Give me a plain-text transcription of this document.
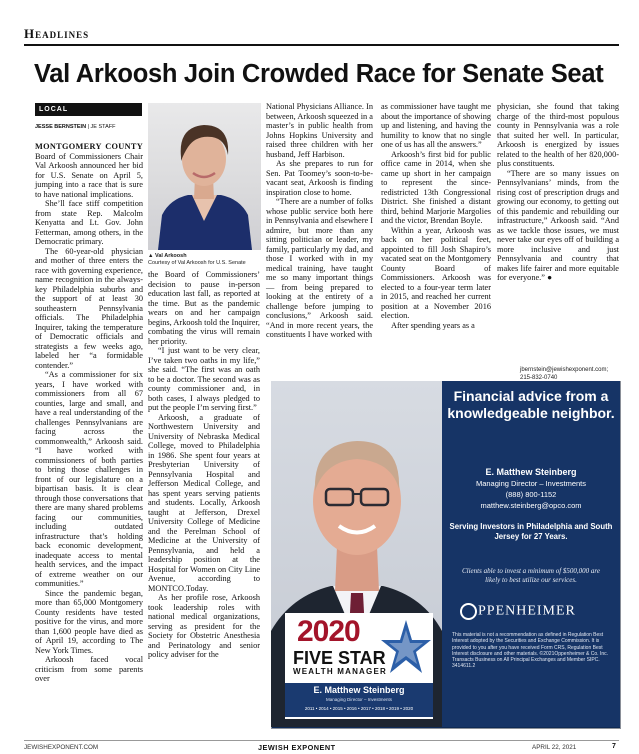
Headlines
Val Arkoosh Join Crowded Race for Senate Seat
LOCAL
JESSE BERNSTEIN | JE STAFF

MONTGOMERY COUNTY Board of Commissioners Chair Val Arkoosh announced her bid for U.S. Senate on April 5, jumping into a race that is sure to have national implications.

She’ll face stiff competition from state Rep. Malcolm Kenyatta and Lt. Gov. John Fetterman, among others, in the Democratic primary.

The 60-year-old physician and mother of three enters the race with governing experience, name recognition in the always-key Philadelphia suburbs and the support of at least 30 southeastern Pennsylvania officials. The Philadelphia Inquirer, taking the temperature of Democratic officials and strategists a few weeks ago, labeled her “a formidable contender.”

“As a commissioner for six years, I have worked with commissioners from all 67 counties, large and small, and have a real understanding of the challenges Pennsylvanians are facing across the commonwealth,” Arkoosh said. “I have worked with commissioners of both parties to bring those challenges in front of our legislature on a bipartisan basis. It is clear through those conversations that there are many shared problems facing our communities, including outdated infrastructure that’s holding back economic development, inadequate access to mental health services, and the impact of extreme weather on our communities.”

Since the pandemic began, more than 65,000 Montgomery County residents have tested positive for the virus, and more than 1,600 people have died as of April 19, according to The New York Times.

Arkoosh faced vocal criticism from some parents over

▲ Val Arkoosh
Courtesy of Val Arkoosh for U.S. Senate

the Board of Commissioners’ decision to pause in-person education last fall, as reported at the time. But as the pandemic wears on and her campaign begins, Arkoosh told the Inquirer, combating the virus will remain her priority.

“I just want to be very clear, I’ve taken two oaths in my life,” she said. “The first was an oath to be a doctor. The second was as county commissioner and, in both cases, I always pledged to put the people I’m serving first.”

Arkoosh, a graduate of Northwestern University and University of Nebraska Medical College, moved to Philadelphia in 1986. She spent four years at Presbyterian University of Pennsylvania Hospital and Jefferson Medical College, and has spent years serving patients and students. Locally, Arkoosh taught at Jefferson, Drexel University College of Medicine and the Perelman School of Medicine at the University of Pennsylvania, and held a leadership position at the Hospital for Women on City Line Avenue, according to MONTCO.Today.

As her profile rose, Arkoosh took leadership roles with national medical organizations, serving as president for the Society for Obstetric Anesthesia and Perinatology and senior policy adviser for the

National Physicians Alliance. In between, Arkoosh squeezed in a master’s in public health from Johns Hopkins University and raised three children with her husband, Jeff Harbison.

As she prepares to run for Sen. Pat Toomey’s soon-to-be-vacant seat, Arkoosh is finding inspiration close to home.

“There are a number of folks whose public service both here in Pennsylvania and elsewhere I admire, but more than any sitting politician or leader, my family, particularly my dad, and those I worked with in my medical training, have taught me so many important things — from being prepared to looking at the entirety of a challenge before jumping to conclusions,” Arkoosh said. “And in more recent years, the constituents I have worked with

as commissioner have taught me about the importance of showing up and listening, and having the humility to know that no single one of us has all the answers.”

Arkoosh’s first bid for public office came in 2014, when she came up short in her campaign to represent the since-redistricted 13th Congressional District. She finished a distant third, behind Marjorie Margolies and the victor, Brendan Boyle.

Within a year, Arkoosh was back on her political feet, appointed to fill Josh Shapiro’s vacated seat on the Montgomery County Board of Commissioners. Arkoosh was elected to a four-year term later in 2015, and reached her current position at a November 2016 election.

After spending years as a

physician, she found that taking charge of the third-most populous county in Pennsylvania was a role that suited her well. In particular, Arkoosh is energized by issues related to the health of her 820,000-plus constituents.

“There are so many issues on Pennsylvanians’ minds, from the rising cost of prescription drugs and growing our economy, to getting out of this pandemic and rebuilding our infrastructure,” Arkoosh said. “And as we tackle those issues, we must never take our eyes off of building a more inclusive and just Pennsylvania and country that makes life fairer and more equitable for everyone.” ●

jbernstein@jewishexponent.com;
215-832-0740
Financial advice from a knowledgeable neighbor.
E. Matthew Steinberg
Managing Director – Investments
(888) 800-1152
matthew.steinberg@opco.com
Serving Investors in Philadelphia and South Jersey for 27 Years.
Clients able to invest a minimum of $500,000 are likely to best utilize our services.
PPENHEIMER
This material is not a recommendation as defined in Regulation Best Interest adopted by the Securities and Exchange Commission. It is provided to you after you have received Form CRS, Regulation Best Interest disclosure and other materials. ©2021Oppenheimer & Co. Inc. Transacts Business on All Principal Exchanges and Member SIPC. 3414611.2
2020
FIVE STAR
WEALTH MANAGER
E. Matthew Steinberg
Managing Director – Investments
2011 • 2014 • 2015 • 2016 • 2017 • 2018 • 2019 • 2020
JEWISHEXPONENT.COM	JEWISH EXPONENT	APRIL 22, 2021	7
